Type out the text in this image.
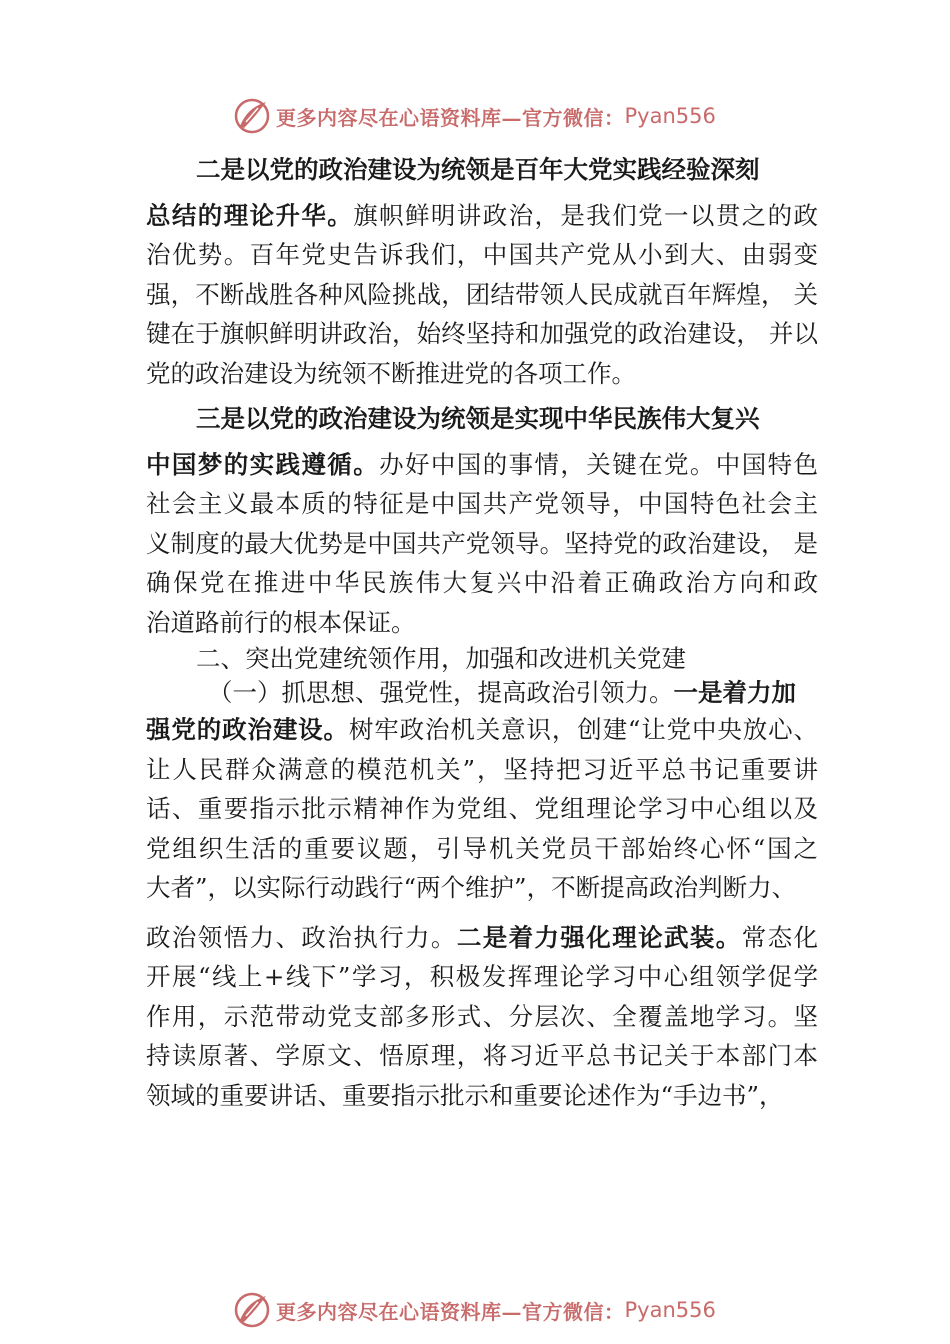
更多内容尽在心语资料库—官方微信： Pyan556
二是以党的政治建设为统领是百年大党实践经验深刻
总结的理论升华。旗帜鲜明讲政治，是我们党一以贯之的政
治优势。百年党史告诉我们，中国共产党从小到大、由弱变
强，不断战胜各种风险挑战，团结带领人民成就百年辉煌， 关
键在于旗帜鲜明讲政治，始终坚持和加强党的政治建设， 并以
党的政治建设为统领不断推进党的各项工作。
三是以党的政治建设为统领是实现中华民族伟大复兴
中国梦的实践遵循。办好中国的事情，关键在党。中国特色
社会主义最本质的特征是中国共产党领导，中国特色社会主
义制度的最大优势是中国共产党领导。坚持党的政治建设， 是
确保党在推进中华民族伟大复兴中沿着正确政治方向和政
治道路前行的根本保证。
二、突出党建统领作用，加强和改进机关党建
（一）抓思想、强党性，提高政治引领力。一是着力加
强党的政治建设。树牢政治机关意识，创建“让党中央放心、
让人民群众满意的模范机关”，坚持把习近平总书记重要讲
话、重要指示批示精神作为党组、党组理论学习中心组以及
党组织生活的重要议题，引导机关党员干部始终心怀“国之
大者”，以实际行动践行“两个维护”，不断提高政治判断力、
政治领悟力、政治执行力。二是着力强化理论武装。常态化
开展“线上+线下”学习，积极发挥理论学习中心组领学促学
作用，示范带动党支部多形式、分层次、全覆盖地学习。坚
持读原著、学原文、悟原理，将习近平总书记关于本部门本
领域的重要讲话、重要指示批示和重要论述作为“手边书”，
更多内容尽在心语资料库—官方微信： Pyan556
